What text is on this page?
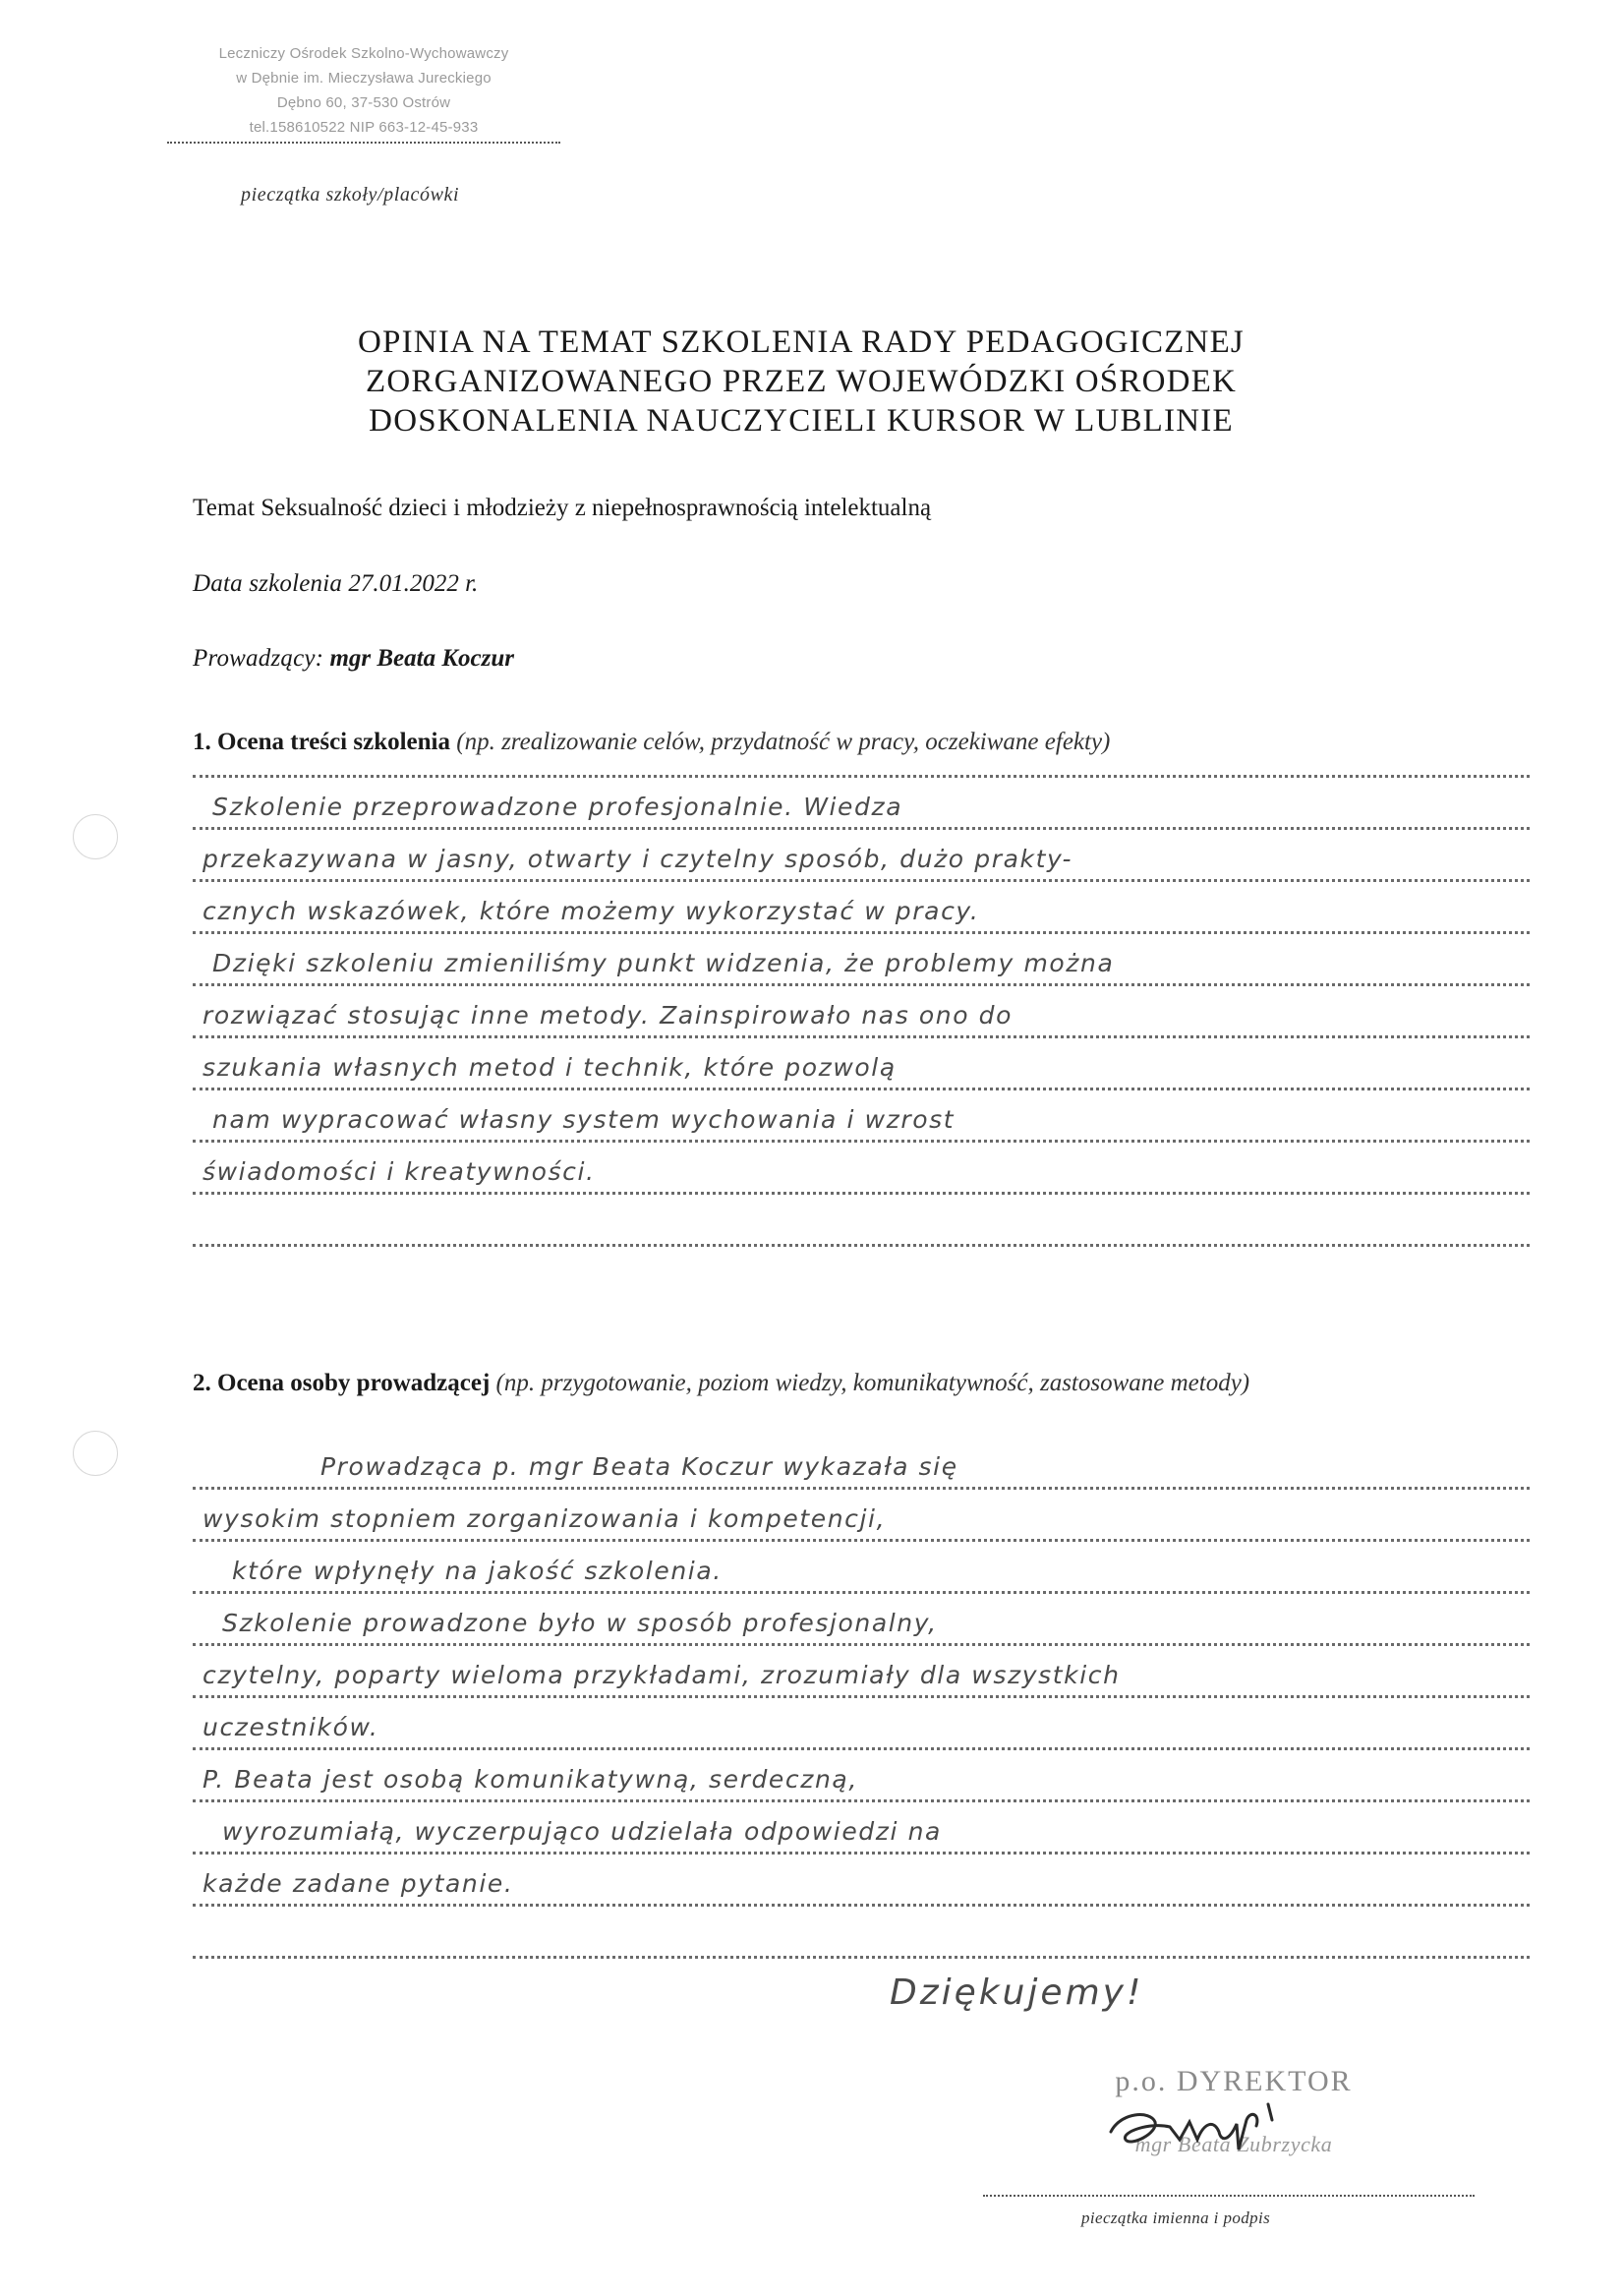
Leczniczy Ośrodek Szkolno-Wychowawczy
w Dębnie im. Mieczysława Jureckiego
Dębno 60, 37-530 Ostrów
tel.158610522 NIP 663-12-45-933
pieczątka szkoły/placówki
OPINIA NA TEMAT SZKOLENIA RADY PEDAGOGICZNEJ
ZORGANIZOWANEGO PRZEZ WOJEWÓDZKI OŚRODEK
DOSKONALENIA NAUCZYCIELI KURSOR W LUBLINIE
Temat Seksualność dzieci i młodzieży z niepełnosprawnością intelektualną
Data szkolenia 27.01.2022 r.
Prowadzący: mgr Beata Koczur
1. Ocena treści szkolenia (np. zrealizowanie celów, przydatność w pracy, oczekiwane efekty)
Szkolenie przeprowadzone profesjonalnie. Wiedza
przekazywana w jasny, otwarty i czytelny sposób, dużo prakty-
cznych wskazówek, które możemy wykorzystać w pracy.
Dzięki szkoleniu zmieniliśmy punkt widzenia, że problemy można
rozwiązać stosując inne metody. Zainspirowało nas ono do
szukania własnych metod i technik, które pozwolą
nam wypracować własny system wychowania i wzrost
świadomości i kreatywności.
2. Ocena osoby prowadzącej (np. przygotowanie, poziom wiedzy, komunikatywność, zastosowane metody)
Prowadząca p. mgr Beata Koczur wykazała się
wysokim stopniem zorganizowania i kompetencji,
które wpłynęły na jakość szkolenia.
Szkolenie prowadzone było w sposób profesjonalny,
czytelny, poparty wieloma przykładami, zrozumiały dla wszystkich
uczestników.
P. Beata jest osobą komunikatywną, serdeczną,
wyrozumiałą, wyczerpująco udzielała odpowiedzi na
każde zadane pytanie.
Dziękujemy!
p.o. DYREKTOR
mgr Beata Zubrzycka
pieczątka imienna i podpis
